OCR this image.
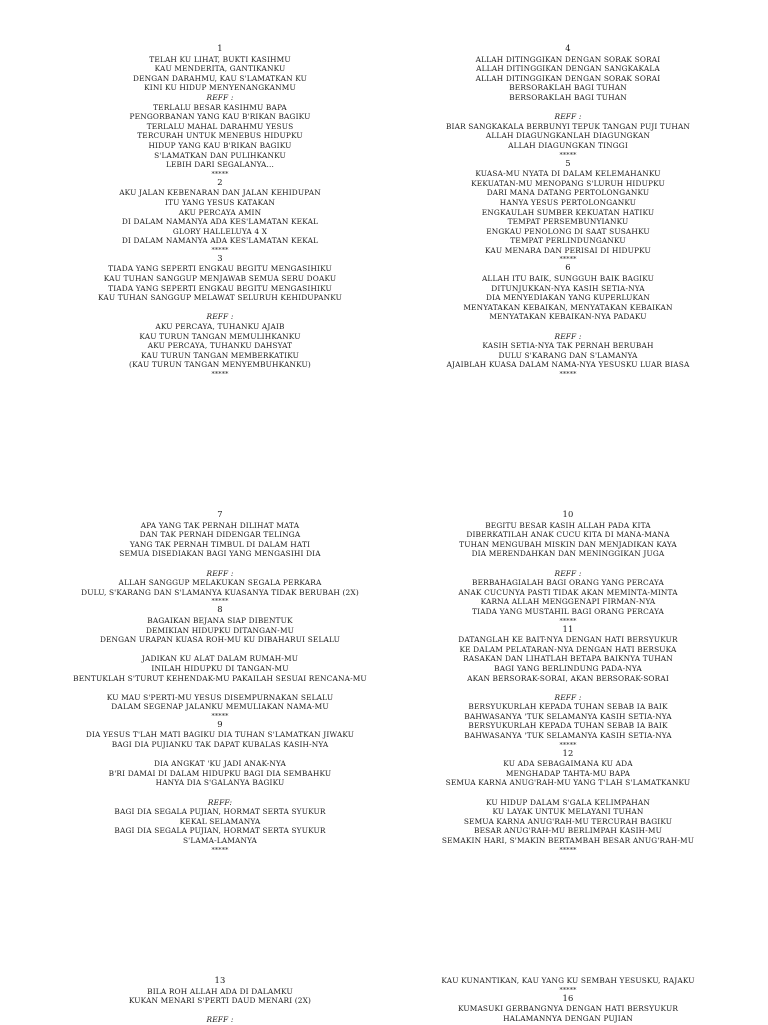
1
TELAH KU LIHAT, BUKTI KASIHMU
KAU MENDERITA, GANTIKANKU
DENGAN DARAHMU, KAU S'LAMATKAN KU
KINI KU HIDUP MENYENANGKANMU
REFF :
TERLALU BESAR KASIHMU BAPA
PENGORBANAN YANG KAU B'RIKAN BAGIKU
TERLALU MAHAL DARAHMU YESUS
TERCURAH UNTUK MENEBUS HIDUPKU
HIDUP YANG KAU B'RIKAN BAGIKU
S'LAMATKAN DAN PULIHKANKU
LEBIH DARI SEGALANYA...
*****
2
AKU JALAN KEBENARAN DAN JALAN KEHIDUPAN
ITU YANG YESUS KATAKAN
AKU PERCAYA AMIN
DI DALAM NAMANYA ADA KES'LAMATAN KEKAL
GLORY HALLELUYA 4 X
DI DALAM NAMANYA ADA KES'LAMATAN KEKAL
*****
3
TIADA YANG SEPERTI ENGKAU BEGITU MENGASIHIKU
KAU TUHAN SANGGUP MENJAWAB SEMUA SERU DOAKU
TIADA YANG SEPERTI ENGKAU BEGITU MENGASIHIKU
KAU TUHAN SANGGUP MELAWAT SELURUH KEHIDUPANKU
REFF :
AKU PERCAYA, TUHANKU AJAIB
KAU TURUN TANGAN MEMULIHKANKU
AKU PERCAYA, TUHANKU DAHSYAT
KAU TURUN TANGAN MEMBERKATIKU
(KAU TURUN TANGAN MENYEMBUHKANKU)
*****
4
ALLAH DITINGGIKAN DENGAN SORAK SORAI
ALLAH DITINGGIKAN DENGAN SANGKAKALA
ALLAH DITINGGIKAN DENGAN SORAK SORAI
BERSORAKLAH BAGI TUHAN
BERSORAKLAH BAGI TUHAN
REFF :
BIAR SANGKAKALA BERBUNYI TEPUK TANGAN PUJI TUHAN
ALLAH DIAGUNGKANLAH DIAGUNGKAN
ALLAH DIAGUNGKAN TINGGI
*****
5
KUASA-MU NYATA DI DALAM KELEMAHANKU
KEKUATAN-MU MENOPANG S'LURUH HIDUPKU
DARI MANA DATANG PERTOLONGANKU
HANYA YESUS PERTOLONGANKU
ENGKAULAH SUMBER KEKUATAN HATIKU
TEMPAT PERSEMBUNYIANKU
ENGKAU PENOLONG DI SAAT SUSAHKU
TEMPAT PERLINDUNGANKU
KAU MENARA DAN PERISAI DI HIDUPKU
*****
6
ALLAH ITU BAIK, SUNGGUH BAIK BAGIKU
DITUNJUKKAN-NYA KASIH SETIA-NYA
DIA MENYEDIAKAN YANG KUPERLUKAN
MENYATAKAN KEBAIKAN, MENYATAKAN KEBAIKAN
MENYATAKAN KEBAIKAN-NYA PADAKU
REFF :
KASIH SETIA-NYA TAK PERNAH BERUBAH
DULU S'KARANG DAN S'LAMANYA
AJAIBLAH KUASA DALAM NAMA-NYA YESUSKU LUAR BIASA
*****
7
APA YANG TAK PERNAH DILIHAT MATA
DAN TAK PERNAH DIDENGAR TELINGA
YANG TAK PERNAH TIMBUL DI DALAM HATI
SEMUA DISEDIAKAN BAGI YANG MENGASIHI DIA
REFF :
ALLAH SANGGUP MELAKUKAN SEGALA PERKARA
DULU, S'KARANG DAN S'LAMANYA KUASANYA TIDAK BERUBAH (2X)
*****
8
BAGAIKAN BEJANA SIAP DIBENTUK
DEMIKIAN HIDUPKU DITANGAN-MU
DENGAN URAPAN KUASA ROH-MU KU DIBAHARUI SELALU
JADIKAN KU ALAT DALAM RUMAH-MU
INILAH HIDUPKU DI TANGAN-MU
BENTUKLAH S'TURUT KEHENDAK-MU PAKAILAH SESUAI RENCANA-MU
KU MAU S'PERTI-MU YESUS DISEMPURNAKAN SELALU
DALAM SEGENAP JALANKU MEMULIAKAN NAMA-MU
*****
9
DIA YESUS T'LAH MATI BAGIKU DIA TUHAN S'LAMATKAN JIWAKU
BAGI DIA PUJIANKU TAK DAPAT KUBALAS KASIH-NYA
DIA ANGKAT 'KU JADI ANAK-NYA
B'RI DAMAI DI DALAM HIDUPKU BAGI DIA SEMBAHKU
HANYA DIA S'GALANYA BAGIKU
REFF:
BAGI DIA SEGALA PUJIAN, HORMAT SERTA SYUKUR
KEKAL SELAMANYA
BAGI DIA SEGALA PUJIAN, HORMAT SERTA SYUKUR
S'LAMA-LAMANYA
*****
10
BEGITU BESAR KASIH ALLAH PADA KITA
DIBERKATILAH ANAK CUCU KITA DI MANA-MANA
TUHAN MENGUBAH MISKIN DAN MENJADIKAN KAYA
DIA MERENDAHKAN DAN MENINGGIKAN JUGA
REFF :
BERBAHAGIALAH BAGI ORANG YANG PERCAYA
ANAK CUCUNYA PASTI TIDAK AKAN MEMINTA-MINTA
KARNA ALLAH MENGGENAPI FIRMAN-NYA
TIADA YANG MUSTAHIL BAGI ORANG PERCAYA
*****
11
DATANGLAH KE BAIT-NYA DENGAN HATI BERSYUKUR
KE DALAM PELATARAN-NYA DENGAN HATI BERSUKA
RASAKAN DAN LIHATLAH BETAPA BAIKNYA TUHAN
BAGI YANG BERLINDUNG PADA-NYA
AKAN BERSORAK-SORAI, AKAN BERSORAK-SORAI
REFF :
BERSYUKURLAH KEPADA TUHAN SEBAB IA BAIK
BAHWASANYA 'TUK SELAMANYA KASIH SETIA-NYA
BERSYUKURLAH KEPADA TUHAN SEBAB IA BAIK
BAHWASANYA 'TUK SELAMANYA KASIH SETIA-NYA
*****
12
KU ADA SEBAGAIMANA KU ADA
MENGHADAP TAHTA-MU BAPA
SEMUA KARNA ANUG'RAH-MU YANG T'LAH S'LAMATKANKU
KU HIDUP DALAM S'GALA KELIMPAHAN
KU LAYAK UNTUK MELAYANI TUHAN
SEMUA KARNA ANUG'RAH-MU TERCURAH BAGIKU
BESAR ANUG'RAH-MU BERLIMPAH KASIH-MU
SEMAKIN HARI, S'MAKIN BERTAMBAH BESAR ANUG'RAH-MU
*****
13
BILA ROH ALLAH ADA DI DALAMKU
KUKAN MENARI S'PERTI DAUD MENARI (2X)
REFF :
KAU KUNANTIKAN, KAU YANG KU SEMBAH YESUSKU, RAJAKU
*****
16
KUMASUKI GERBANGNYA DENGAN HATI BERSYUKUR
HALAMANNYA DENGAN PUJIAN
